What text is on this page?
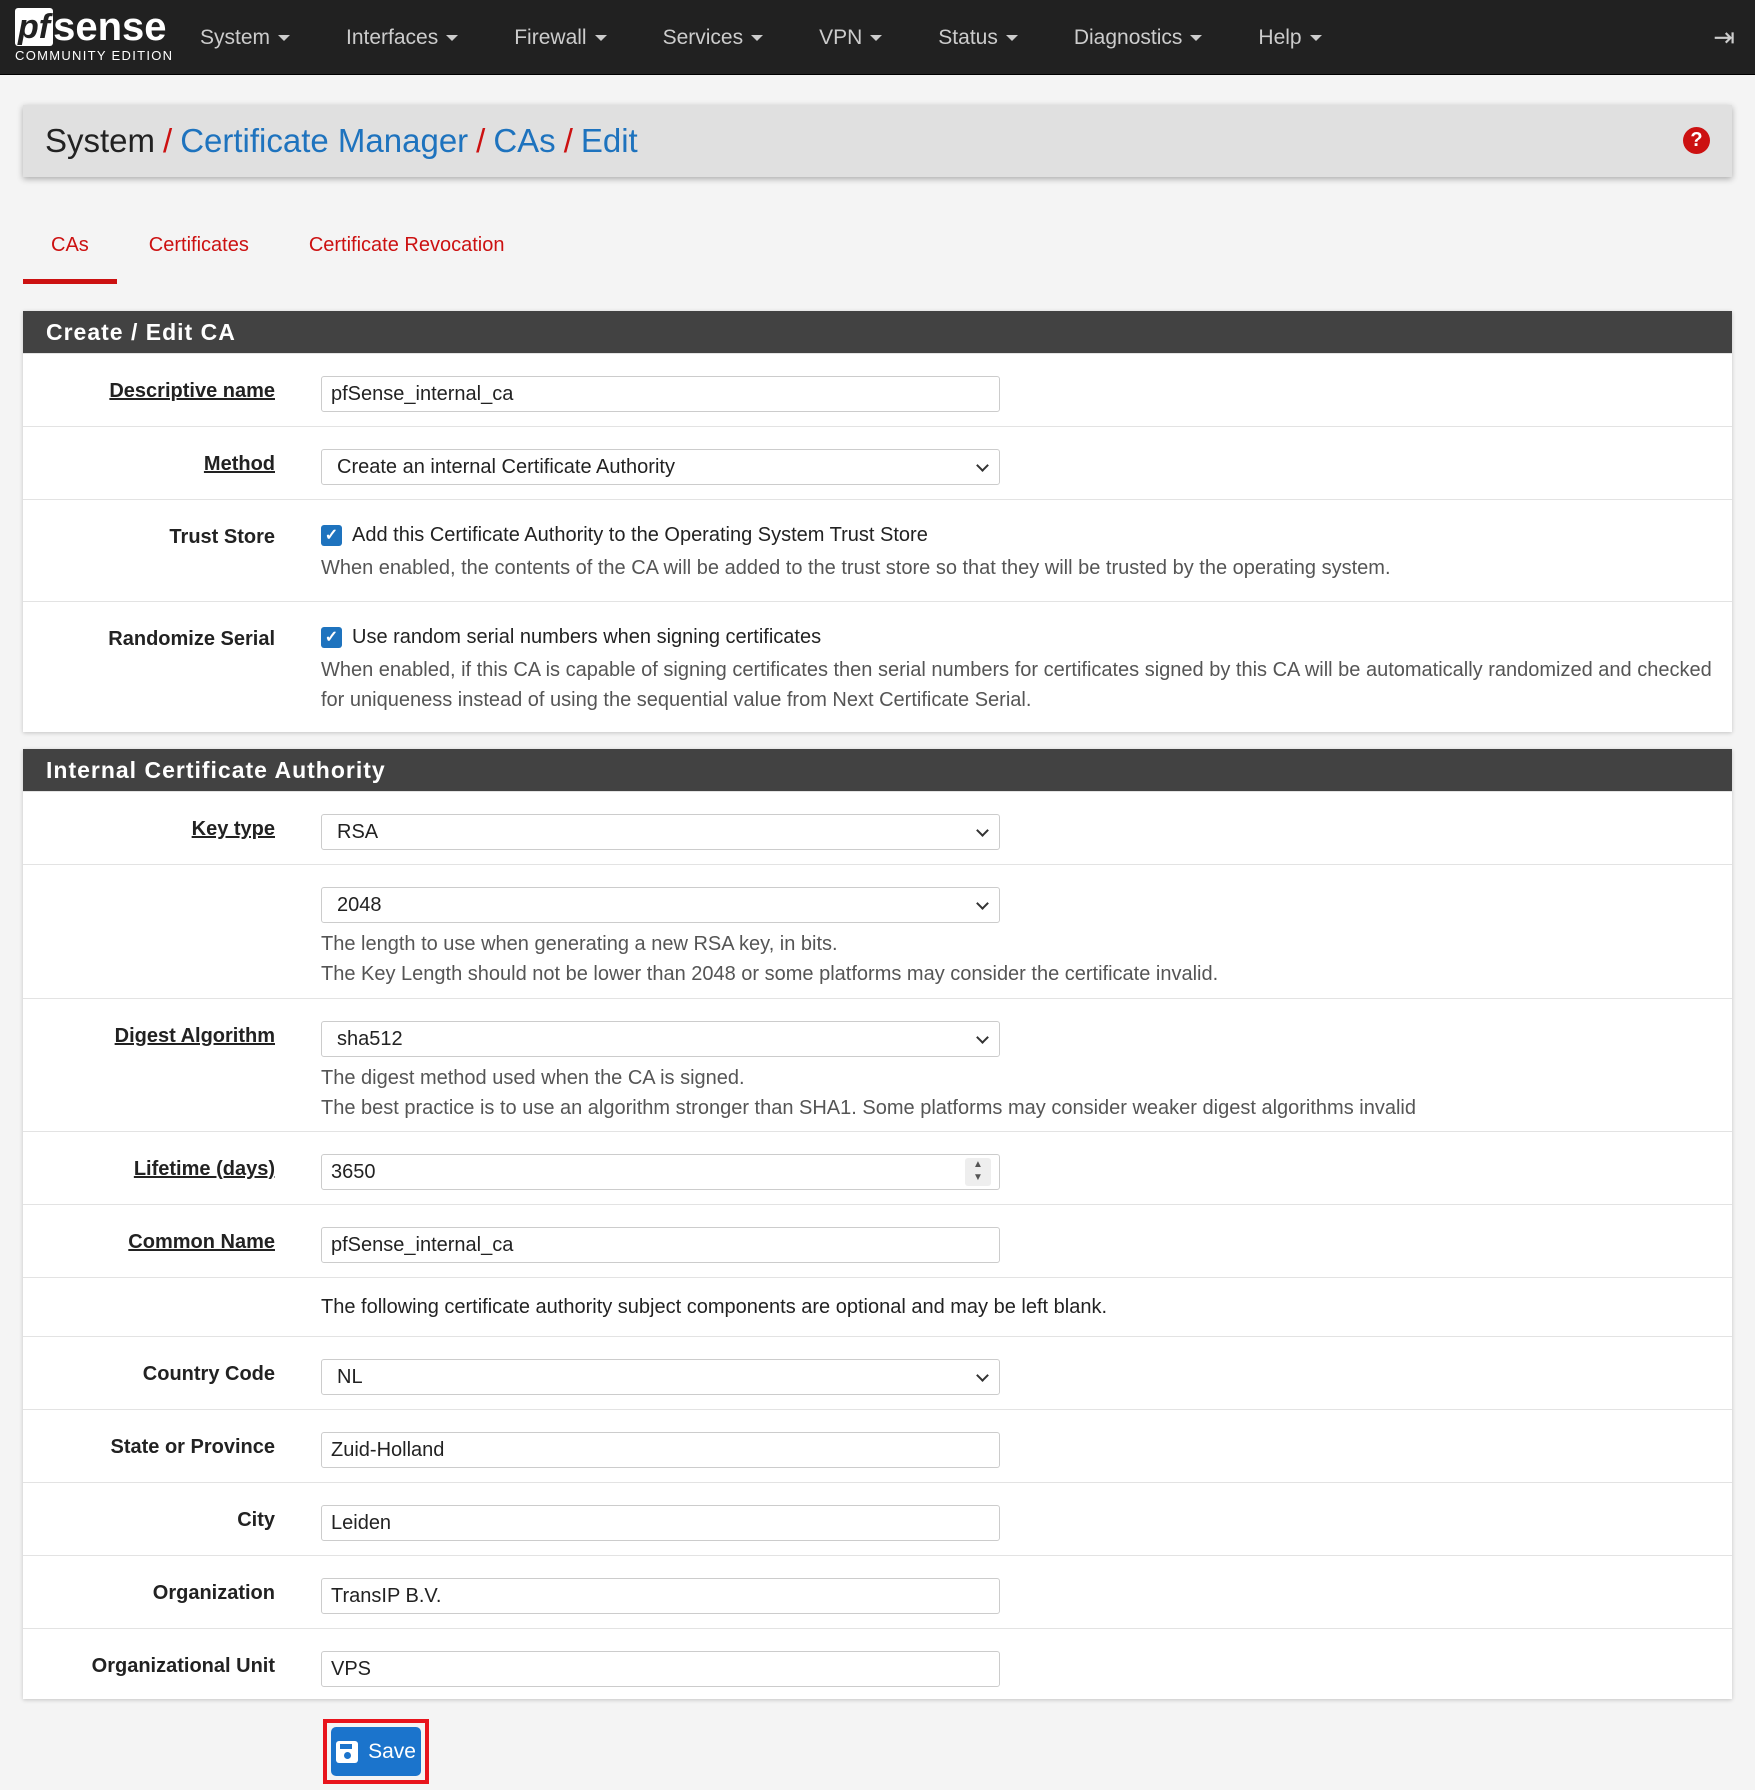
pfsense
COMMUNITY EDITION
System	Interfaces	Firewall	Services	VPN	Status	Diagnostics	Help	⇥
System / Certificate Manager / CAs / Edit	?
CAs	Certificates	Certificate Revocation
Create / Edit CA
Descriptive name	pfSense_internal_ca
Method	Create an internal Certificate Authority
Trust Store	✓ Add this Certificate Authority to the Operating System Trust Store
When enabled, the contents of the CA will be added to the trust store so that they will be trusted by the operating system.
Randomize Serial	✓ Use random serial numbers when signing certificates
When enabled, if this CA is capable of signing certificates then serial numbers for certificates signed by this CA will be automatically randomized and checked for uniqueness instead of using the sequential value from Next Certificate Serial.
Internal Certificate Authority
Key type	RSA
2048
The length to use when generating a new RSA key, in bits.
The Key Length should not be lower than 2048 or some platforms may consider the certificate invalid.
Digest Algorithm	sha512
The digest method used when the CA is signed.
The best practice is to use an algorithm stronger than SHA1. Some platforms may consider weaker digest algorithms invalid
Lifetime (days)	3650	▲
▼
Common Name	pfSense_internal_ca
The following certificate authority subject components are optional and may be left blank.
Country Code	NL
State or Province	Zuid-Holland
City	Leiden
Organization	TransIP B.V.
Organizational Unit	VPS
Save
